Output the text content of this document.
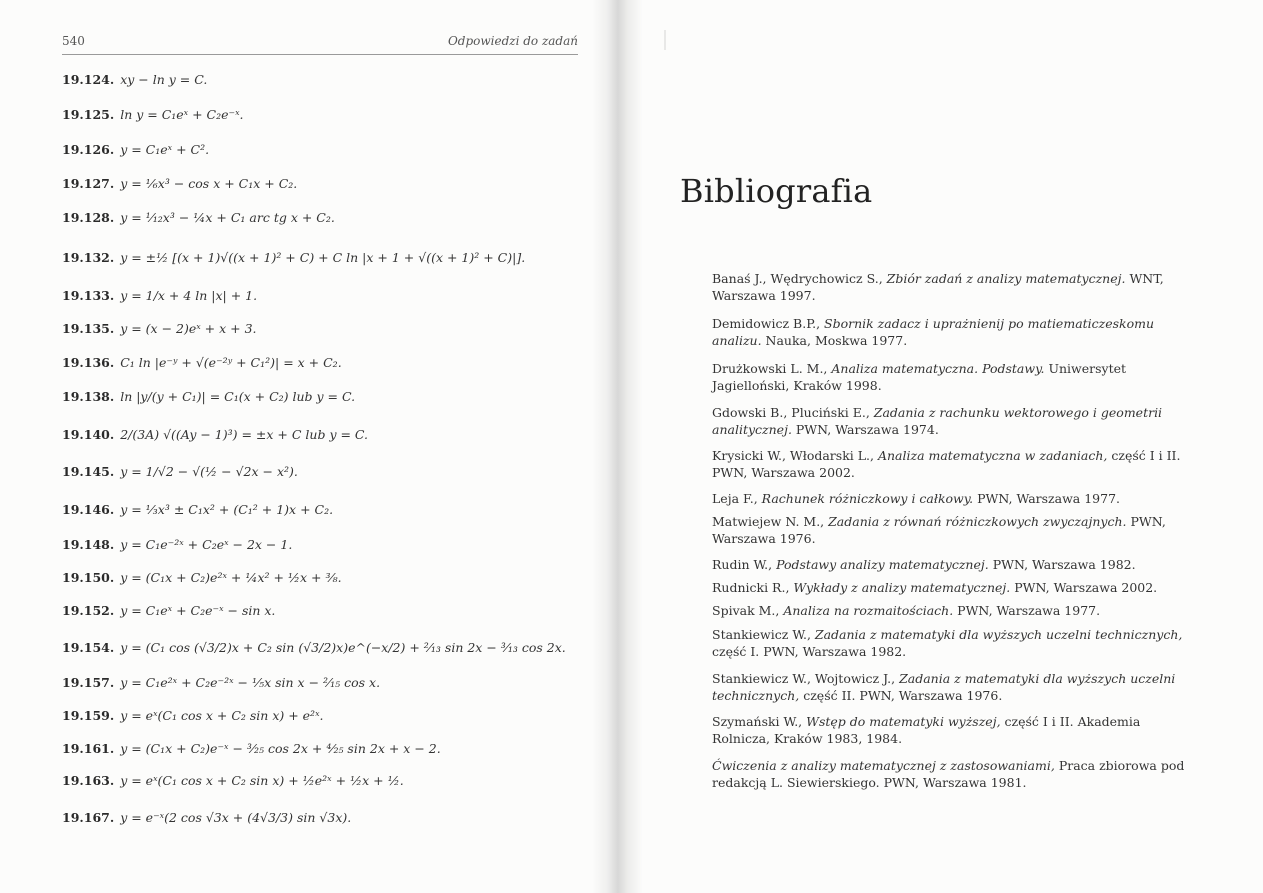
540	Odpowiedzi do zadań
19.124. xy − ln y = C.
19.125. ln y = C₁eˣ + C₂e⁻ˣ.
19.126. y = C₁eˣ + C².
19.127. y = ⅙x³ − cos x + C₁x + C₂.
19.128. y = ¹⁄₁₂x³ − ¼x + C₁ arc tg x + C₂.
19.132. y = ±½ [(x + 1)√((x + 1)² + C) + C ln |x + 1 + √((x + 1)² + C)|].
19.133. y = 1/x + 4 ln |x| + 1.
19.135. y = (x − 2)eˣ + x + 3.
19.136. C₁ ln |e⁻ʸ + √(e⁻²ʸ + C₁²)| = x + C₂.
19.138. ln |y/(y + C₁)| = C₁(x + C₂) lub y = C.
19.140. 2/(3A) √((Ay − 1)³) = ±x + C lub y = C.
19.145. y = 1/√2 − √(½ − √2x − x²).
19.146. y = ⅓x³ ± C₁x² + (C₁² + 1)x + C₂.
19.148. y = C₁e⁻²ˣ + C₂eˣ − 2x − 1.
19.150. y = (C₁x + C₂)e²ˣ + ¼x² + ½x + ⅜.
19.152. y = C₁eˣ + C₂e⁻ˣ − sin x.
19.154. y = (C₁ cos (√3/2)x + C₂ sin (√3/2)x)e^(−x/2) + ²⁄₁₃ sin 2x − ³⁄₁₃ cos 2x.
19.157. y = C₁e²ˣ + C₂e⁻²ˣ − ⅕x sin x − ²⁄₁₅ cos x.
19.159. y = eˣ(C₁ cos x + C₂ sin x) + e²ˣ.
19.161. y = (C₁x + C₂)e⁻ˣ − ³⁄₂₅ cos 2x + ⁴⁄₂₅ sin 2x + x − 2.
19.163. y = eˣ(C₁ cos x + C₂ sin x) + ½e²ˣ + ½x + ½.
19.167. y = e⁻ˣ(2 cos √3x + (4√3/3) sin √3x).
Bibliografia
Banaś J., Wędrychowicz S., Zbiór zadań z analizy matematycznej. WNT, Warszawa 1997.
Demidowicz B.P., Sbornik zadacz i uprażnienij po matiematiczeskomu analizu. Nauka, Moskwa 1977.
Drużkowski L. M., Analiza matematyczna. Podstawy. Uniwersytet Jagielloński, Kraków 1998.
Gdowski B., Pluciński E., Zadania z rachunku wektorowego i geometrii analitycznej. PWN, Warszawa 1974.
Krysicki W., Włodarski L., Analiza matematyczna w zadaniach, część I i II. PWN, Warszawa 2002.
Leja F., Rachunek różniczkowy i całkowy. PWN, Warszawa 1977.
Matwiejew N. M., Zadania z równań różniczkowych zwyczajnych. PWN, Warszawa 1976.
Rudin W., Podstawy analizy matematycznej. PWN, Warszawa 1982.
Rudnicki R., Wykłady z analizy matematycznej. PWN, Warszawa 2002.
Spivak M., Analiza na rozmaitościach. PWN, Warszawa 1977.
Stankiewicz W., Zadania z matematyki dla wyższych uczelni technicznych, część I. PWN, Warszawa 1982.
Stankiewicz W., Wojtowicz J., Zadania z matematyki dla wyższych uczelni technicznych, część II. PWN, Warszawa 1976.
Szymański W., Wstęp do matematyki wyższej, część I i II. Akademia Rolnicza, Kraków 1983, 1984.
Ćwiczenia z analizy matematycznej z zastosowaniami, Praca zbiorowa pod redakcją L. Siewierskiego. PWN, Warszawa 1981.
